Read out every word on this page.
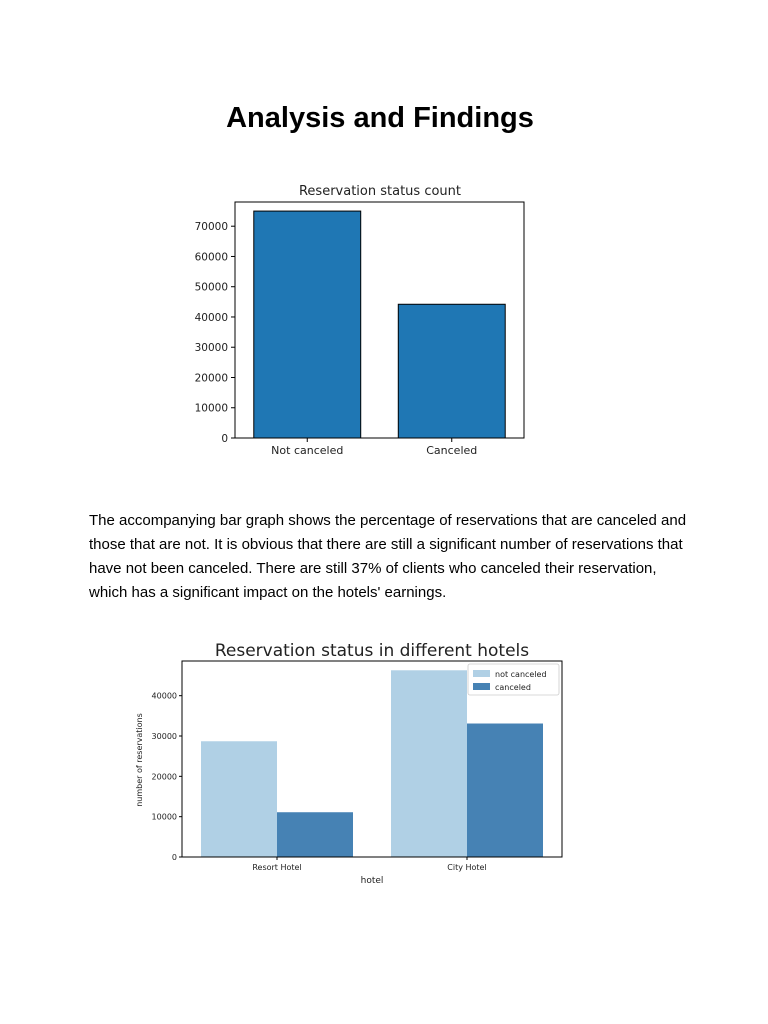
Analysis and Findings
Reservation status count
0
10000
20000
30000
40000
50000
60000
70000
Not canceled	Canceled

The accompanying bar graph shows the percentage of reservations that are canceled and those that are not. It is obvious that there are still a significant number of reservations that have not been canceled. There are still 37% of clients who canceled their reservation, which has a significant impact on the hotels' earnings.

Reservation status in different hotels
number of reservations
hotel
0
10000
20000
30000
40000
Resort Hotel	City Hotel
not canceled
canceled
